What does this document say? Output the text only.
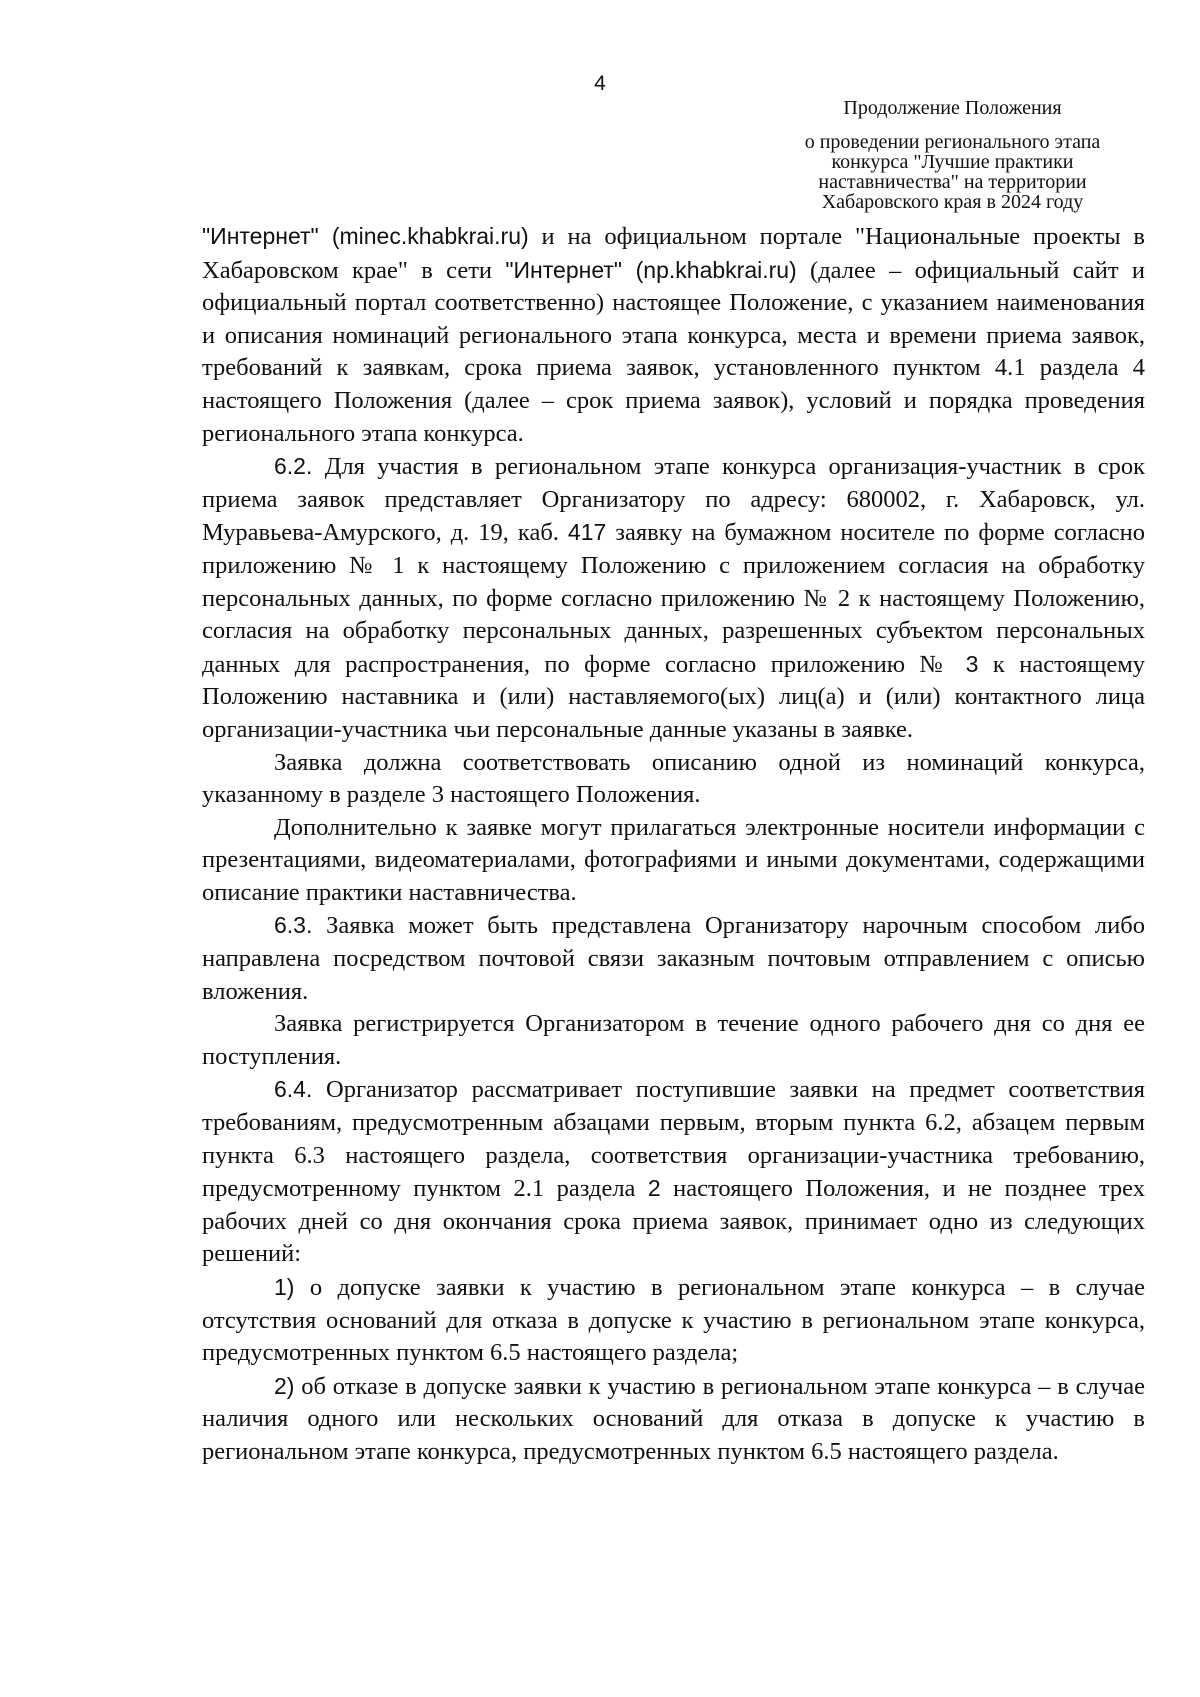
4
Продолжение Положения
о проведении регионального этапа
конкурса "Лучшие практики
наставничества" на территории
Хабаровского края в 2024 году

"Интернет" (minec.khabkrai.ru) и на официальном портале "Национальные проекты в Хабаровском крае" в сети "Интернет" (np.khabkrai.ru) (далее – официальный сайт и официальный портал соответственно) настоящее Положение, с указанием наименования и описания номинаций регионального этапа конкурса, места и времени приема заявок, требований к заявкам, срока приема заявок, установленного пунктом 4.1 раздела 4 настоящего Положения (далее – срок приема заявок), условий и порядка проведения регионального этапа конкурса.

6.2. Для участия в региональном этапе конкурса организация-участник в срок приема заявок представляет Организатору по адресу: 680002, г. Хабаровск, ул. Муравьева-Амурского, д. 19, каб. 417 заявку на бумажном носителе по форме согласно приложению № 1 к настоящему Положению с приложением согласия на обработку персональных данных, по форме согласно приложению № 2 к настоящему Положению, согласия на обработку персональных данных, разрешенных субъектом персональных данных для распространения, по форме согласно приложению № 3 к настоящему Положению наставника и (или) наставляемого(ых) лиц(а) и (или) контактного лица организации-участника чьи персональные данные указаны в заявке.

Заявка должна соответствовать описанию одной из номинаций конкурса, указанному в разделе 3 настоящего Положения.

Дополнительно к заявке могут прилагаться электронные носители информации с презентациями, видеоматериалами, фотографиями и иными документами, содержащими описание практики наставничества.

6.3. Заявка может быть представлена Организатору нарочным способом либо направлена посредством почтовой связи заказным почтовым отправлением с описью вложения.

Заявка регистрируется Организатором в течение одного рабочего дня со дня ее поступления.

6.4. Организатор рассматривает поступившие заявки на предмет соответствия требованиям, предусмотренным абзацами первым, вторым пункта 6.2, абзацем первым пункта 6.3 настоящего раздела, соответствия организации-участника требованию, предусмотренному пунктом 2.1 раздела 2 настоящего Положения, и не позднее трех рабочих дней со дня окончания срока приема заявок, принимает одно из следующих решений:

1) о допуске заявки к участию в региональном этапе конкурса – в случае отсутствия оснований для отказа в допуске к участию в региональном этапе конкурса, предусмотренных пунктом 6.5 настоящего раздела;

2) об отказе в допуске заявки к участию в региональном этапе конкурса – в случае наличия одного или нескольких оснований для отказа в допуске к участию в региональном этапе конкурса, предусмотренных пунктом 6.5 настоящего раздела.
